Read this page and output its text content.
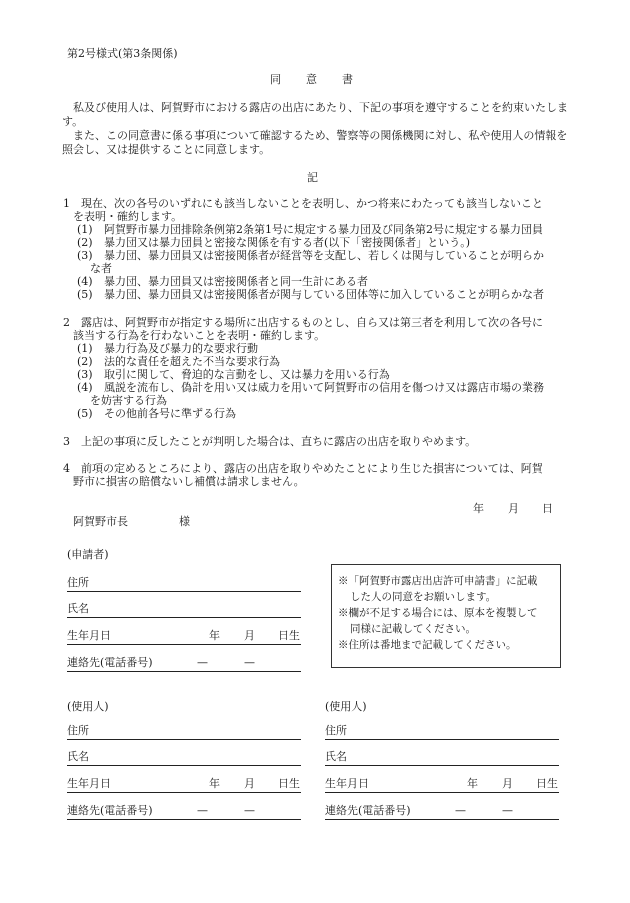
第2号様式(第3条関係)
同　　意　　書
　私及び使用人は、阿賀野市における露店の出店にあたり、下記の事項を遵守することを約束いたします。
　また、この同意書に係る事項について確認するため、警察等の関係機関に対し、私や使用人の情報を照会し、又は提供することに同意します。
記
1 現在、次の各号のいずれにも該当しないことを表明し、かつ将来にわたっても該当しないこと
を表明・確約します。
(1) 阿賀野市暴力団排除条例第2条第1号に規定する暴力団及び同条第2号に規定する暴力団員
(2) 暴力団又は暴力団員と密接な関係を有する者(以下「密接関係者」という。)
(3) 暴力団、暴力団員又は密接関係者が経営等を支配し、若しくは関与していることが明らか
な者
(4) 暴力団、暴力団員又は密接関係者と同一生計にある者
(5) 暴力団、暴力団員又は密接関係者が関与している団体等に加入していることが明らかな者
2 露店は、阿賀野市が指定する場所に出店するものとし、自ら又は第三者を利用して次の各号に
該当する行為を行わないことを表明・確約します。
(1) 暴力行為及び暴力的な要求行動
(2) 法的な責任を超えた不当な要求行為
(3) 取引に関して、脅迫的な言動をし、又は暴力を用いる行為
(4) 風説を流布し、偽計を用い又は威力を用いて阿賀野市の信用を傷つけ又は露店市場の業務
を妨害する行為
(5) その他前各号に準ずる行為
3 上記の事項に反したことが判明した場合は、直ちに露店の出店を取りやめます。
4 前項の定めるところにより、露店の出店を取りやめたことにより生じた損害については、阿賀
野市に損害の賠償ないし補償は請求しません。
年 月 日
阿賀野市長	様
(申請者)
住所
氏名
生年月日	年 月 日生
連絡先(電話番号)	—	—

※「阿賀野市露店出店許可申請書」に記載

した人の同意をお願いします。

※欄が不足する場合には、原本を複製して

同様に記載してください。

※住所は番地まで記載してください。

(使用人)
住所
氏名
生年月日	年 月 日生
連絡先(電話番号)	—	—
(使用人)
住所
氏名
生年月日	年 月 日生
連絡先(電話番号)	—	—
